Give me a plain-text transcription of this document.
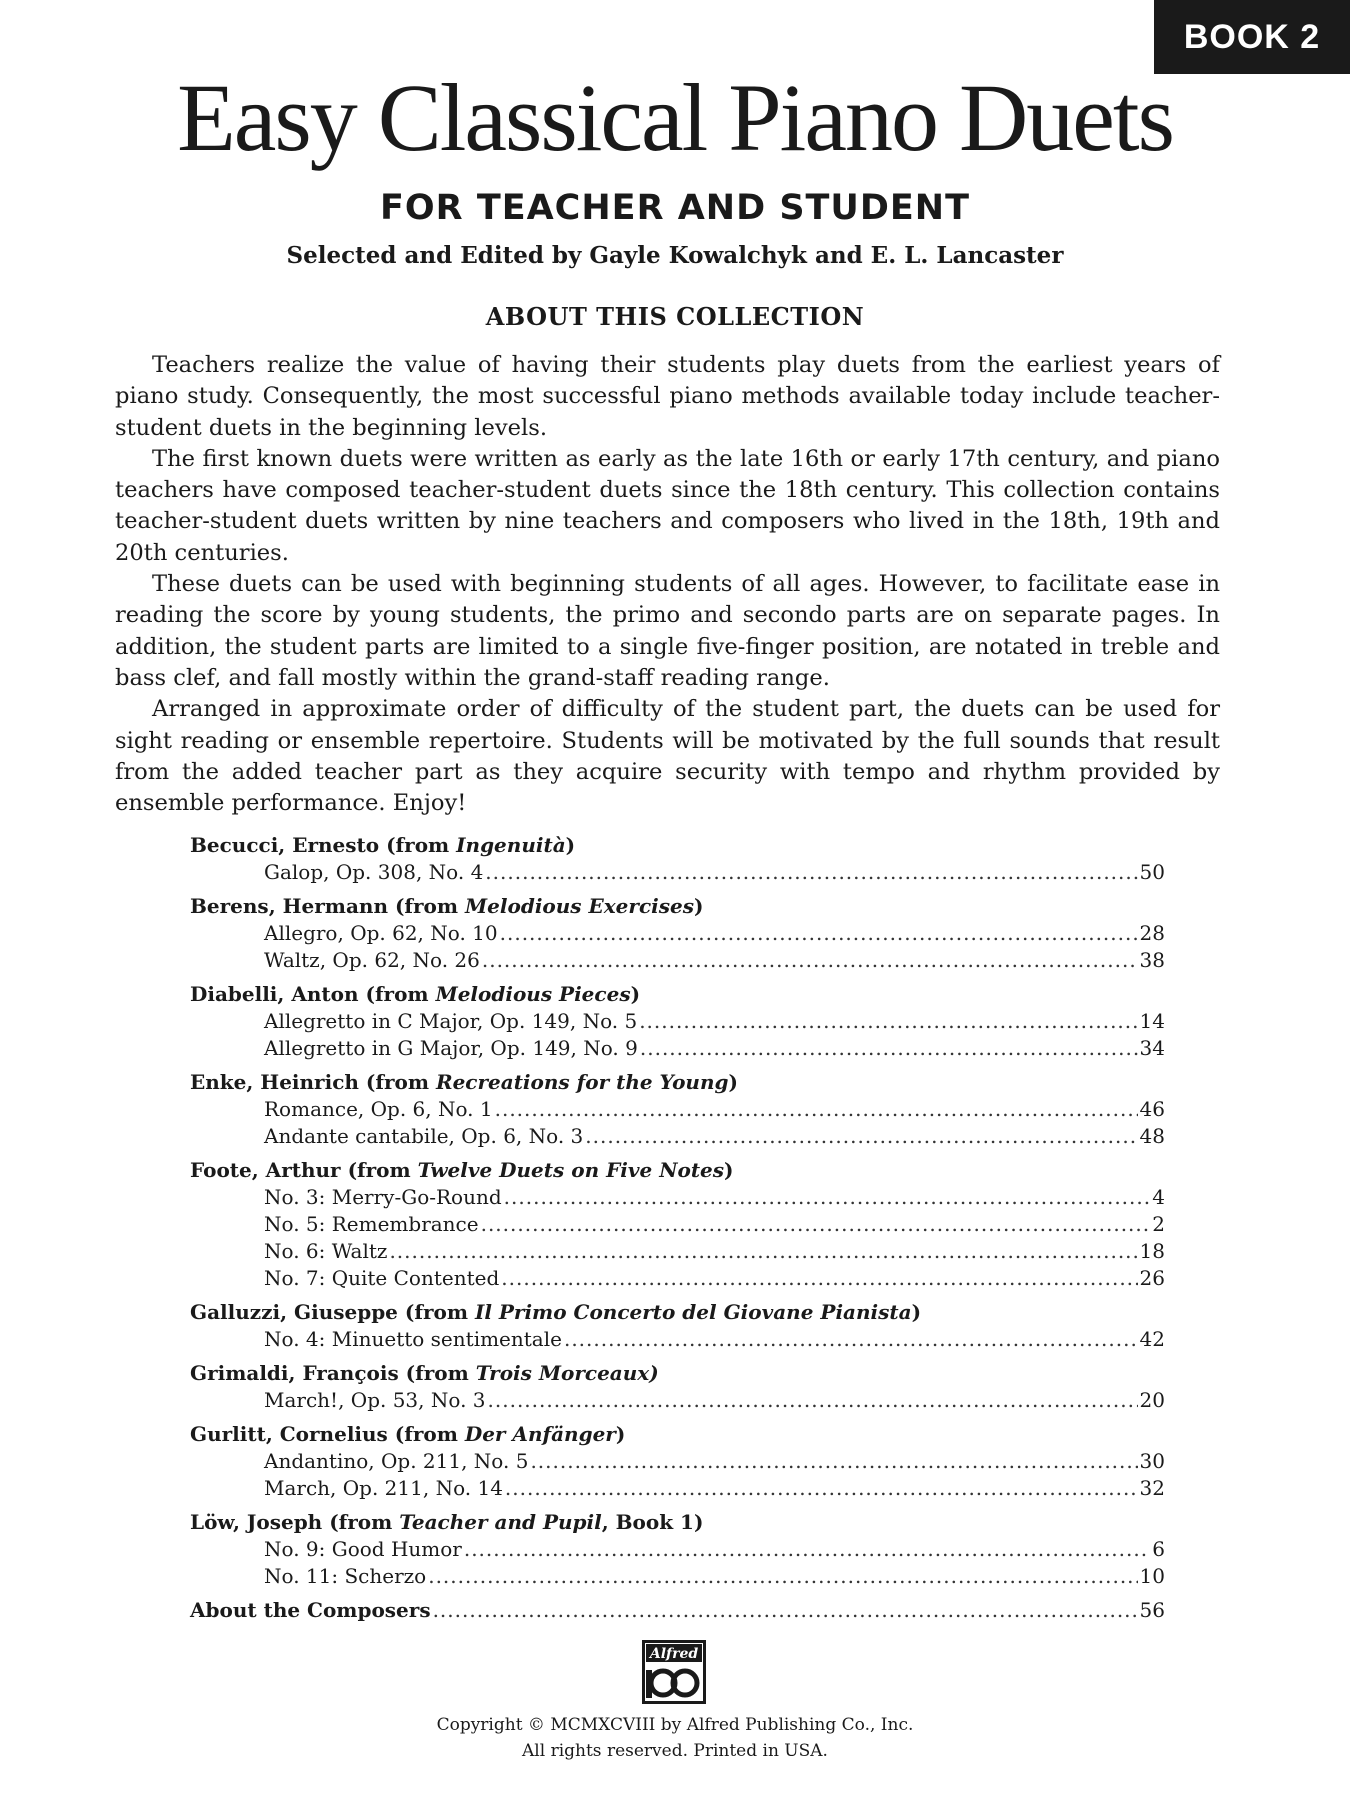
BOOK 2
Easy Classical Piano Duets
FOR TEACHER AND STUDENT
Selected and Edited by Gayle Kowalchyk and E. L. Lancaster
ABOUT THIS COLLECTION

Teachers realize the value of having their students play duets from the earliest years of piano study. Consequently, the most successful piano methods available today include teacher-student duets in the beginning levels.

The first known duets were written as early as the late 16th or early 17th century, and piano teachers have composed teacher-student duets since the 18th century. This collection contains teacher-student duets written by nine teachers and composers who lived in the 18th, 19th and 20th centuries.

These duets can be used with beginning students of all ages. However, to facilitate ease in reading the score by young students, the primo and secondo parts are on separate pages. In addition, the student parts are limited to a single five-finger position, are notated in treble and bass clef, and fall mostly within the grand-staff reading range.

Arranged in approximate order of difficulty of the student part, the duets can be used for sight reading or ensemble repertoire. Students will be motivated by the full sounds that result from the added teacher part as they acquire security with tempo and rhythm provided by ensemble performance. Enjoy!

Becucci, Ernesto (from Ingenuità)
Galop, Op. 308, No. 4 .....	50
Berens, Hermann (from Melodious Exercises)
Allegro, Op. 62, No. 10 .....	28
Waltz, Op. 62, No. 26 .....	38
Diabelli, Anton (from Melodious Pieces)
Allegretto in C Major, Op. 149, No. 5 .....	14
Allegretto in G Major, Op. 149, No. 9 .....	34
Enke, Heinrich (from Recreations for the Young)
Romance, Op. 6, No. 1 .....	46
Andante cantabile, Op. 6, No. 3 .....	48
Foote, Arthur (from Twelve Duets on Five Notes)
No. 3: Merry-Go-Round .....	4
No. 5: Remembrance .....	2
No. 6: Waltz .....	18
No. 7: Quite Contented .....	26
Galluzzi, Giuseppe (from Il Primo Concerto del Giovane Pianista)
No. 4: Minuetto sentimentale .....	42
Grimaldi, François (from Trois Morceaux)
March!, Op. 53, No. 3 .....	20
Gurlitt, Cornelius (from Der Anfänger)
Andantino, Op. 211, No. 5 .....	30
March, Op. 211, No. 14 .....	32
Löw, Joseph (from Teacher and Pupil, Book 1)
No. 9: Good Humor .....	6
No. 11: Scherzo .....	10
About the Composers .....	56
Alfred
Copyright © MCMXCVIII by Alfred Publishing Co., Inc.
All rights reserved. Printed in USA.
